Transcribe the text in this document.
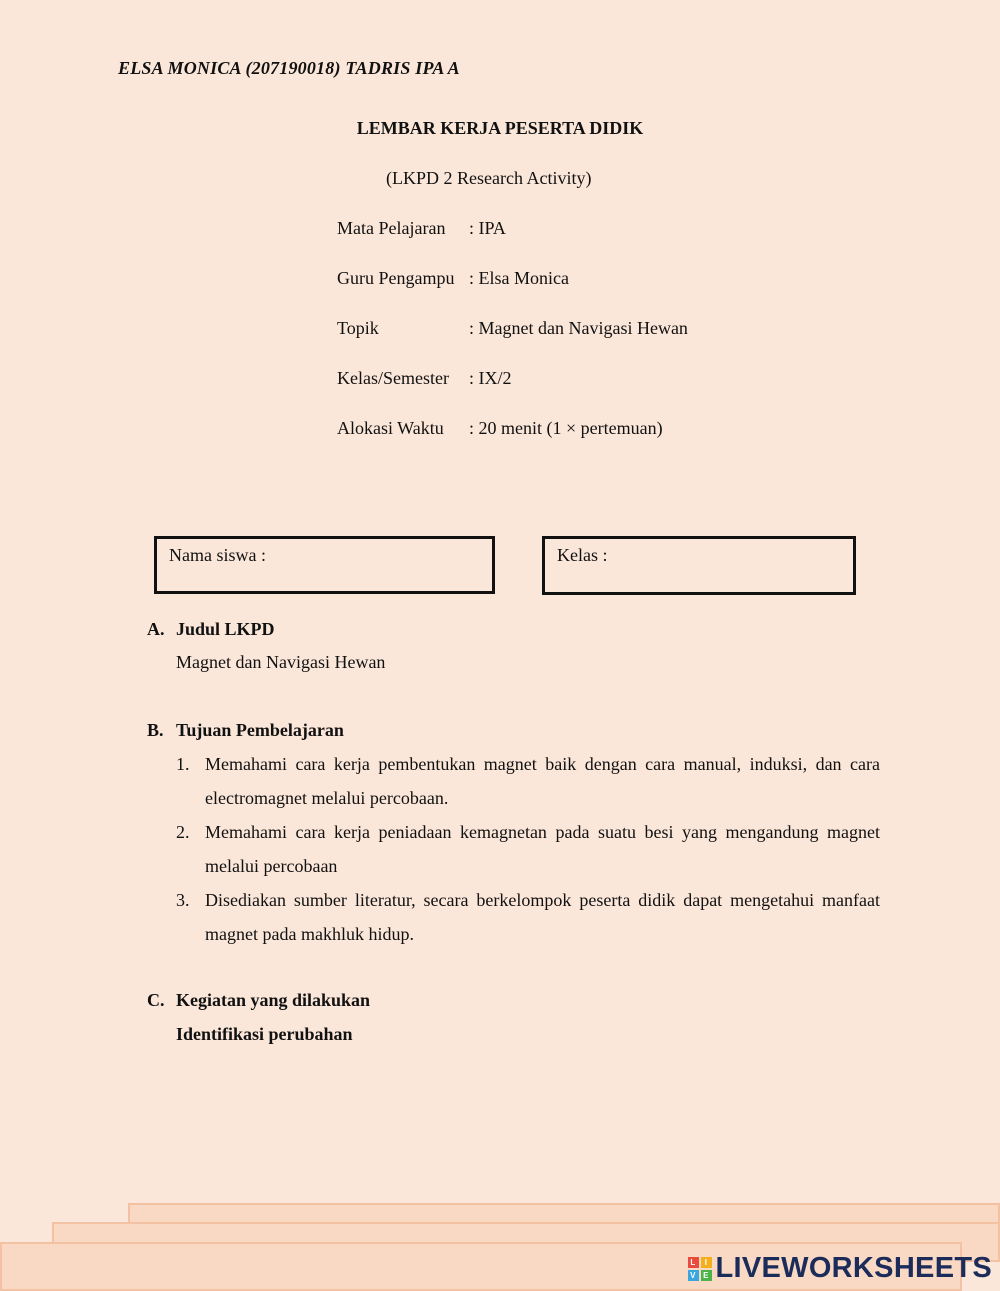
ELSA MONICA (207190018) TADRIS IPA A
LEMBAR KERJA PESERTA DIDIK
(LKPD 2 Research Activity)
Mata Pelajaran : IPA
Guru Pengampu : Elsa Monica
Topik	: Magnet dan Navigasi Hewan
Kelas/Semester : IX/2
Alokasi Waktu : 20 menit (1 × pertemuan)
Nama siswa :	Kelas :
A. Judul LKPD
Magnet dan Navigasi Hewan
B. Tujuan Pembelajaran
1. Memahami cara kerja pembentukan magnet baik dengan cara manual, induksi, dan cara electromagnet melalui percobaan.
2. Memahami cara kerja peniadaan kemagnetan pada suatu besi yang mengandung magnet melalui percobaan
3. Disediakan sumber literatur, secara berkelompok peserta didik dapat mengetahui manfaat magnet pada makhluk hidup.
C. Kegiatan yang dilakukan
Identifikasi perubahan
L	I
V E LIVEWORKSHEETS
